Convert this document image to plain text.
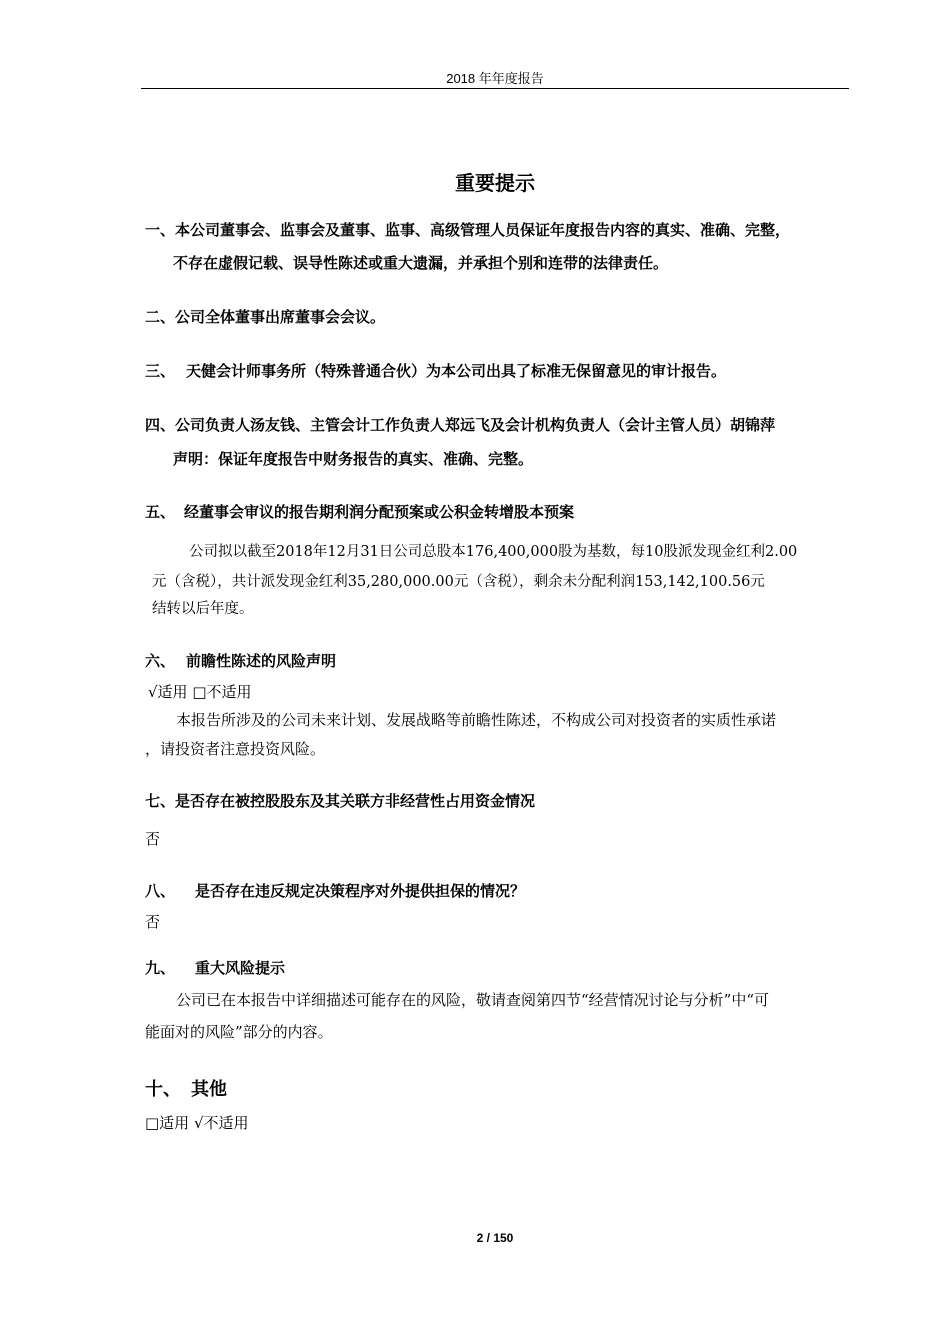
2018 年年度报告
重要提示
一、本公司董事会、监事会及董事、监事、高级管理人员保证年度报告内容的真实、准确、完整，
不存在虚假记载、误导性陈述或重大遗漏，并承担个别和连带的法律责任。
二、公司全体董事出席董事会会议。
三、 天健会计师事务所（特殊普通合伙）为本公司出具了标准无保留意见的审计报告。
四、公司负责人汤友钱、主管会计工作负责人郑远飞及会计机构负责人（会计主管人员）胡锦萍
声明：保证年度报告中财务报告的真实、准确、完整。
五、 经董事会审议的报告期利润分配预案或公积金转增股本预案
公司拟以截至2018年12月31日公司总股本176,400,000股为基数，每10股派发现金红利2.00
元（含税），共计派发现金红利35,280,000.00元（含税），剩余未分配利润153,142,100.56元
结转以后年度。
六、 前瞻性陈述的风险声明
√适用 □不适用
本报告所涉及的公司未来计划、发展战略等前瞻性陈述，不构成公司对投资者的实质性承诺
，请投资者注意投资风险。
七、是否存在被控股股东及其关联方非经营性占用资金情况
否
八、 是否存在违反规定决策程序对外提供担保的情况？
否
九、 重大风险提示
公司已在本报告中详细描述可能存在的风险，敬请查阅第四节“经营情况讨论与分析”中“可
能面对的风险”部分的内容。
十、 其他
□适用 √不适用
2 / 150
